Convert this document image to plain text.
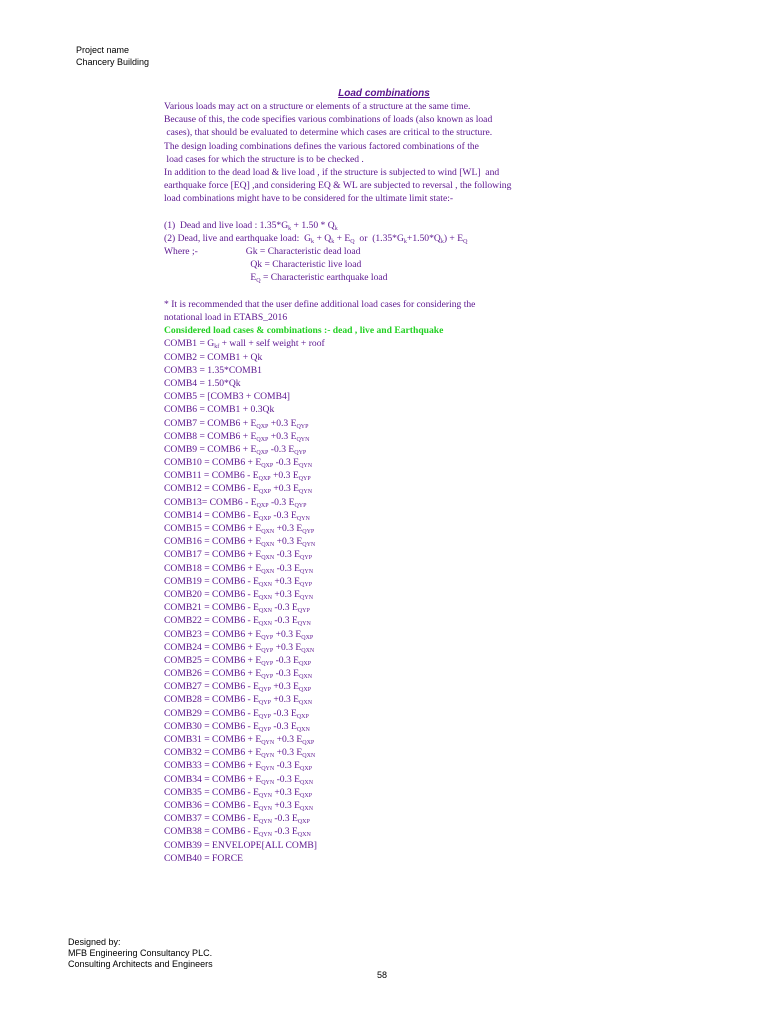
Project name
Chancery Building
Load combinations
Various loads may act on a structure or elements of a structure at the same time.
Because of this, the code specifies various combinations of loads (also known as load
cases), that should be evaluated to determine which cases are critical to the structure.
The design loading combinations defines the various factored combinations of the
load cases for which the structure is to be checked .
In addition to the dead load & live load , if the structure is subjected to wind [WL]  and
earthquake force [EQ] ,and considering EQ & WL are subjected to reversal , the following
load combinations might have to be considered for the ultimate limit state:-
(1)  Dead and live load : $1.35*G_k + 1.50 * Q_k$
(2) Dead, live and earthquake load:  $G_k + Q_k + E_Q$  or  $(1.35*G_k+1.50*Q_k) + E_Q$
Where ;-                    Gk = Characteristic dead load
Qk = Characteristic live load
$E_Q$ = Characteristic earthquake load
* It is recommended that the user define additional load cases for considering the
notational load in ETABS_2016
Considered load cases & combinations :- dead , live and Earthquake
COMB1 = $G_{kf}$ + wall + self weight + roof
COMB2 = COMB1 + Qk
COMB3 = 1.35*COMB1
COMB4 = 1.50*Qk
COMB5 = [COMB3 + COMB4]
COMB6 = COMB1 + 0.3Qk
COMB7 = COMB6 + $E_{QXP} +0.3$ $E_{QYP}$
COMB8 = COMB6 + $E_{QXP} +0.3$ $E_{QYN}$
COMB9 = COMB6 + $E_{QXP}$ -0.3 $E_{QYP}$
COMB10 = COMB6 + $E_{QXP}$ -0.3 $E_{QYN}$
COMB11 = COMB6 - $E_{QXP} +0.3$ $E_{QYP}$
COMB12 = COMB6 - $E_{QXP} +0.3$ $E_{QYN}$
COMB13= COMB6 - $E_{QXP}$ -0.3 $E_{QYP}$
COMB14 = COMB6 - $E_{QXP}$ -0.3 $E_{QYN}$
COMB15 = COMB6 + $E_{QXN} +0.3$ $E_{QYP}$
COMB16 = COMB6 + $E_{QXN} +0.3$ $E_{QYN}$
COMB17 = COMB6 + $E_{QXN}$ -0.3 $E_{QYP}$
COMB18 = COMB6 + $E_{QXN}$ -0.3 $E_{QYN}$
COMB19 = COMB6 - $E_{QXN} +0.3$ $E_{QYP}$
COMB20 = COMB6 - $E_{QXN} +0.3$ $E_{QYN}$
COMB21 = COMB6 - $E_{QXN}$ -0.3 $E_{QYP}$
COMB22 = COMB6 - $E_{QXN}$ -0.3 $E_{QYN}$
COMB23 = COMB6 + $E_{QYP} +0.3$ $E_{QXP}$
COMB24 = COMB6 + $E_{QYP} +0.3$ $E_{QXN}$
COMB25 = COMB6 + $E_{QYP}$ -0.3 $E_{QXP}$
COMB26 = COMB6 + $E_{QYP}$ -0.3 $E_{QXN}$
COMB27 = COMB6 - $E_{QYP} +0.3$ $E_{QXP}$
COMB28 = COMB6 - $E_{QYP} +0.3$ $E_{QXN}$
COMB29 = COMB6 - $E_{QYP}$ -0.3 $E_{QXP}$
COMB30 = COMB6 - $E_{QYP}$ -0.3 $E_{QXN}$
COMB31 = COMB6 + $E_{QYN} +0.3$ $E_{QXP}$
COMB32 = COMB6 + $E_{QYN} +0.3$ $E_{QXN}$
COMB33 = COMB6 + $E_{QYN}$ -0.3 $E_{QXP}$
COMB34 = COMB6 + $E_{QYN}$ -0.3 $E_{QXN}$
COMB35 = COMB6 - $E_{QYN} +0.3$ $E_{QXP}$
COMB36 = COMB6 - $E_{QYN} +0.3$ $E_{QXN}$
COMB37 = COMB6 - $E_{QYN}$ -0.3 $E_{QXP}$
COMB38 = COMB6 - $E_{QYN}$ -0.3 $E_{QXN}$
COMB39 = ENVELOPE[ALL COMB]
COMB40 = FORCE
Designed by:
MFB Engineering Consultancy PLC.
Consulting Architects and Engineers
58
